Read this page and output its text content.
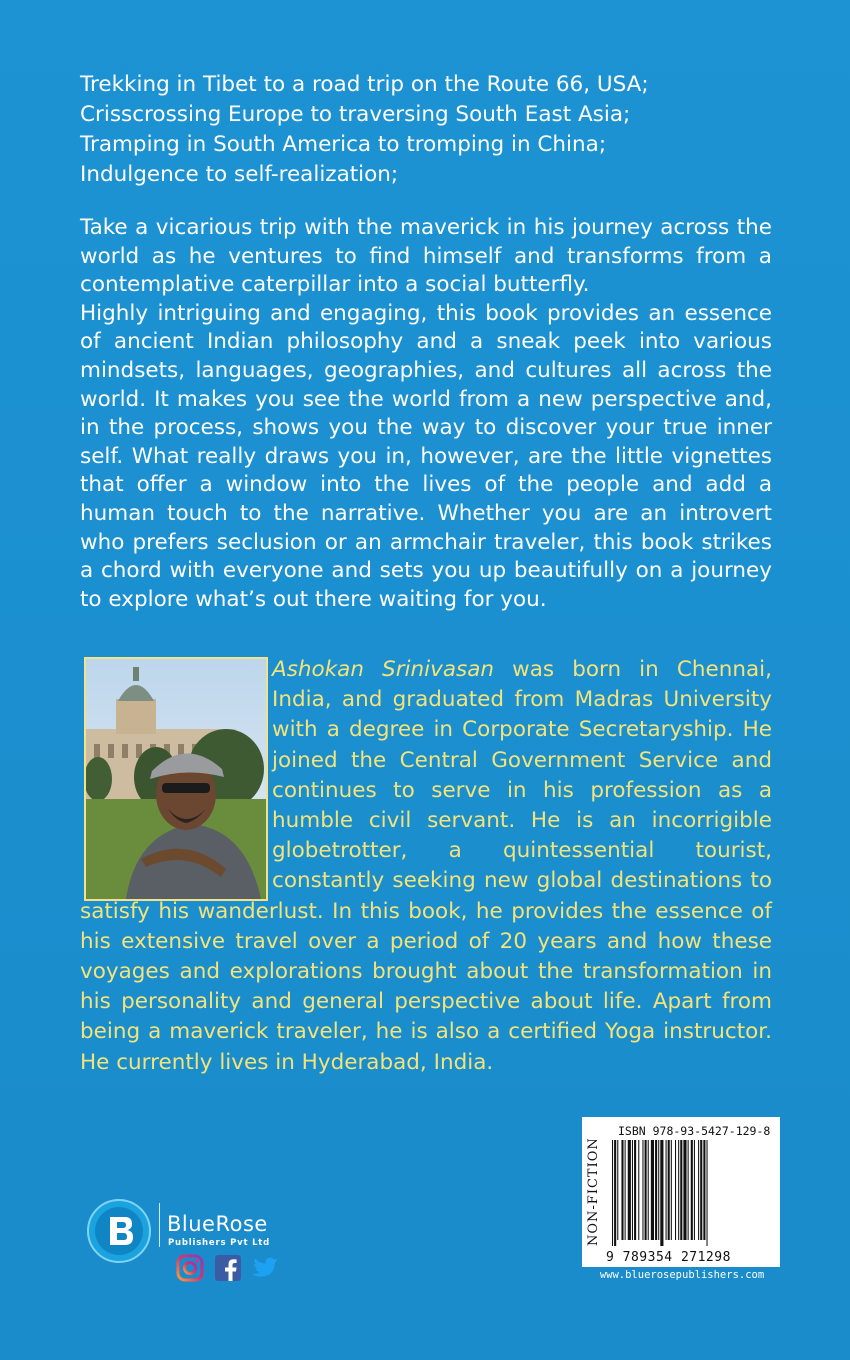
Trekking in Tibet to a road trip on the Route 66, USA;
Crisscrossing Europe to traversing South East Asia;
Tramping in South America to tromping in China;
Indulgence to self-realization;

Take a vicarious trip with the maverick in his journey across the world as he ventures to find himself and transforms from a contemplative caterpillar into a social butterfly.

Highly intriguing and engaging, this book provides an essence of ancient Indian philosophy and a sneak peek into various mindsets, languages, geographies, and cultures all across the world. It makes you see the world from a new perspective and, in the process, shows you the way to discover your true inner self. What really draws you in, however, are the little vignettes that offer a window into the lives of the people and add a human touch to the narrative. Whether you are an introvert who prefers seclusion or an armchair traveler, this book strikes a chord with everyone and sets you up beautifully on a journey to explore what’s out there waiting for you.

Ashokan Srinivasan was born in Chennai, India, and graduated from Madras University with a degree in Corporate Secretaryship. He joined the Central Government Service and continues to serve in his profession as a humble civil servant. He is an incorrigible globetrotter, a quintessential tourist, constantly seeking new global destinations to satisfy his wanderlust. In this book, he provides the essence of his extensive travel over a period of 20 years and how these voyages and explorations brought about the transformation in his personality and general perspective about life. Apart from being a maverick traveler, he is also a certified Yoga instructor. He currently lives in Hyderabad, India.
BlueRose
Publishers Pvt Ltd	NON-FICTION
ISBN 978-93-5427-129-8
9 789354 271298
www.bluerosepublishers.com
